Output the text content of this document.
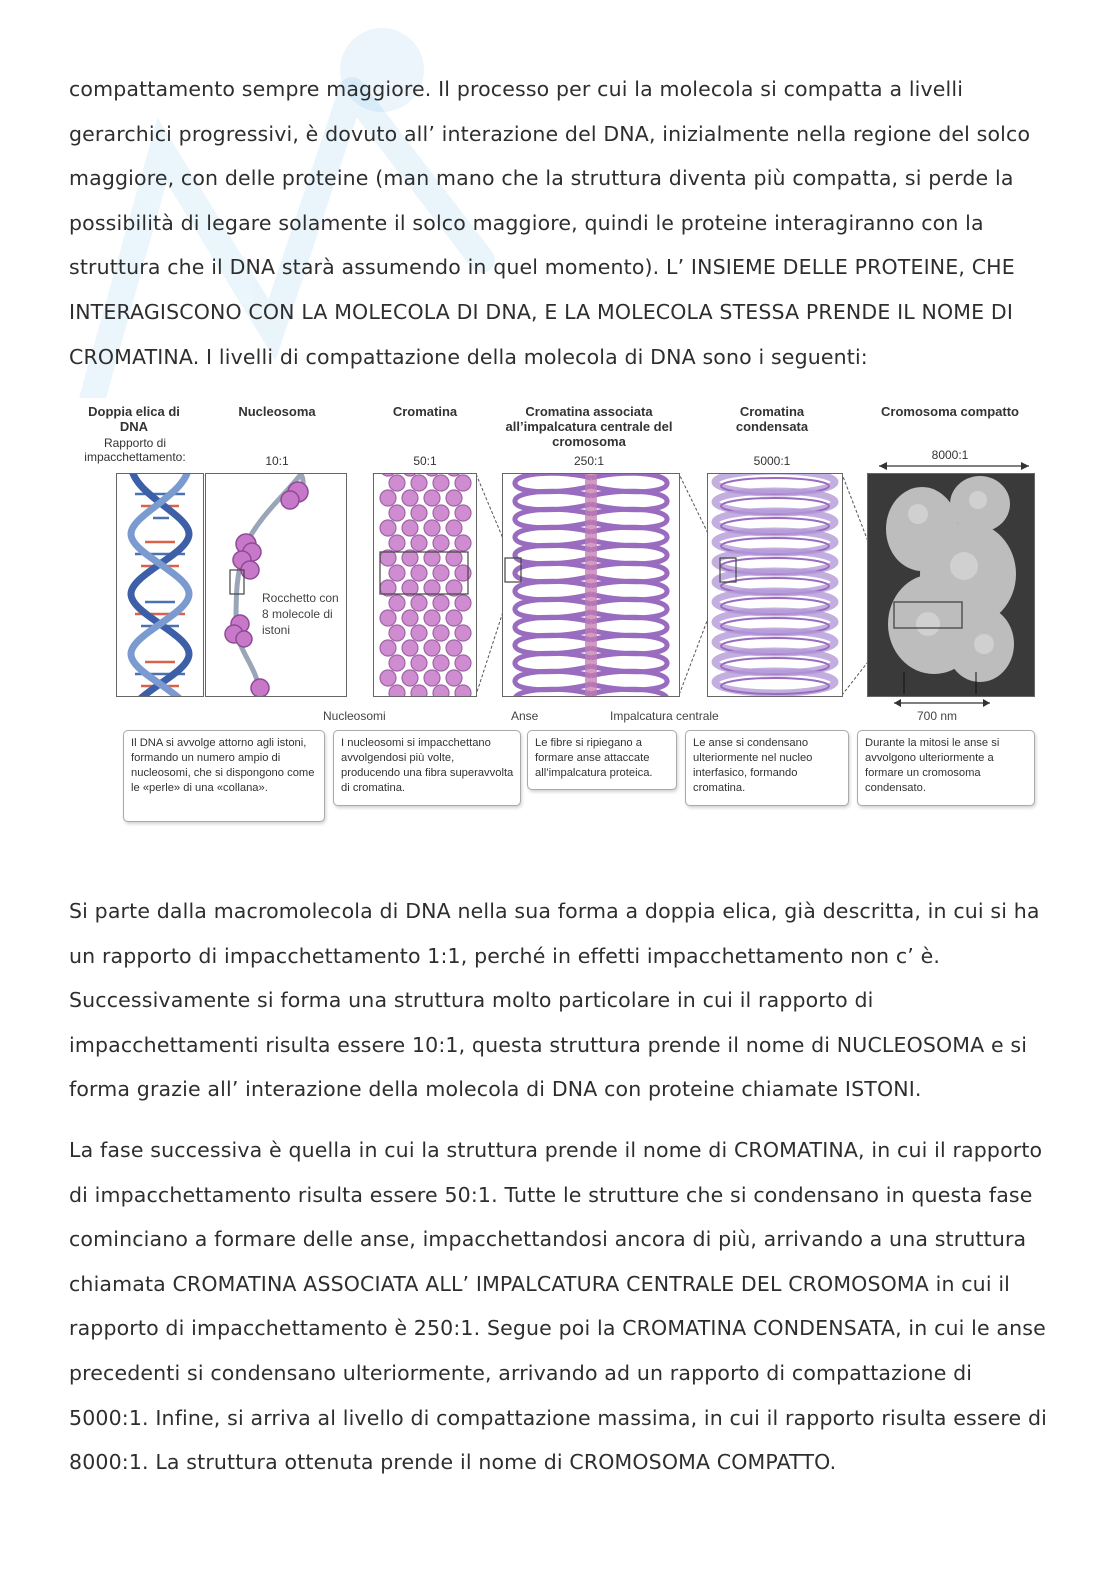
compattamento sempre maggiore. Il processo per cui la molecola si compatta a livelli gerarchici progressivi, è dovuto all’ interazione del DNA, inizialmente nella regione del solco maggiore, con delle proteine (man mano che la struttura diventa più compatta, si perde la possibilità di legare solamente il solco maggiore, quindi le proteine interagiranno con la struttura che il DNA starà assumendo in quel momento). L’ INSIEME DELLE PROTEINE, CHE INTERAGISCONO CON LA MOLECOLA DI DNA, E LA MOLECOLA STESSA PRENDE IL NOME DI CROMATINA. I livelli di compattazione della molecola di DNA sono i seguenti:

Doppia elica di DNA
Rapporto di impacchettamento:
Nucleosoma
10:1
Cromatina
50:1
Cromatina associata all’impalcatura centrale del cromosoma
250:1
Cromatina condensata
5000:1
Cromosoma compatto
8000:1
Rocchetto con 8 molecole di istoni
Nucleosomi	Anse	Impalcatura centrale	700 nm
Il DNA si avvolge attorno agli istoni, formando un numero ampio di nucleosomi, che si dispongono come le «perle» di una «collana».
I nucleosomi si impacchettano avvolgendosi più volte, producendo una fibra superavvolta di cromatina.
Le fibre si ripiegano a formare anse attaccate all’impalcatura proteica.
Le anse si condensano ulteriormente nel nucleo interfasico, formando cromatina.
Durante la mitosi le anse si avvolgono ulteriormente a formare un cromosoma condensato.

Si parte dalla macromolecola di DNA nella sua forma a doppia elica, già descritta, in cui si ha un rapporto di impacchettamento 1:1, perché in effetti impacchettamento non c’ è. Successivamente si forma una struttura molto particolare in cui il rapporto di impacchettamenti risulta essere 10:1, questa struttura prende il nome di NUCLEOSOMA e si forma grazie all’ interazione della molecola di DNA con proteine chiamate ISTONI.

La fase successiva è quella in cui la struttura prende il nome di CROMATINA, in cui il rapporto di impacchettamento risulta essere 50:1. Tutte le strutture che si condensano in questa fase cominciano a formare delle anse, impacchettandosi ancora di più, arrivando a una struttura chiamata CROMATINA ASSOCIATA ALL’ IMPALCATURA CENTRALE DEL CROMOSOMA in cui il rapporto di impacchettamento è 250:1. Segue poi la CROMATINA CONDENSATA, in cui le anse precedenti si condensano ulteriormente, arrivando ad un rapporto di compattazione di 5000:1. Infine, si arriva al livello di compattazione massima, in cui il rapporto risulta essere di 8000:1. La struttura ottenuta prende il nome di CROMOSOMA COMPATTO.
